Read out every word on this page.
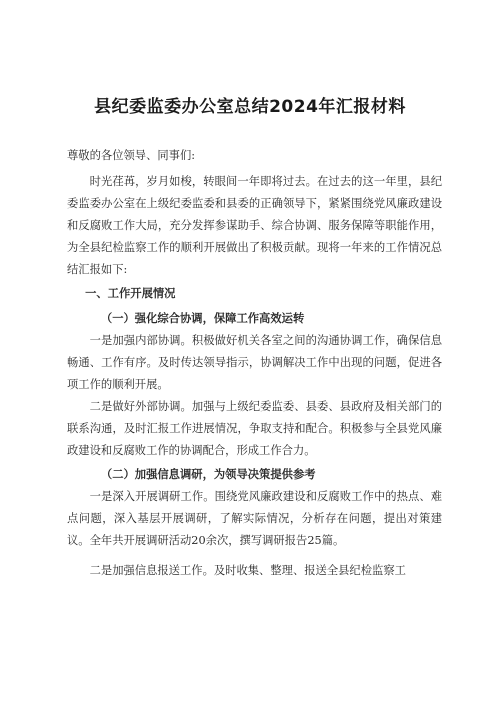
县纪委监委办公室总结2024年汇报材料

尊敬的各位领导、同事们:

时光荏苒，岁月如梭，转眼间一年即将过去。在过去的这一年里，县纪委监委办公室在上级纪委监委和县委的正确领导下，紧紧围绕党风廉政建设和反腐败工作大局，充分发挥参谋助手、综合协调、服务保障等职能作用，为全县纪检监察工作的顺利开展做出了积极贡献。现将一年来的工作情况总结汇报如下:

一、工作开展情况

（一）强化综合协调，保障工作高效运转

一是加强内部协调。积极做好机关各室之间的沟通协调工作，确保信息畅通、工作有序。及时传达领导指示，协调解决工作中出现的问题，促进各项工作的顺利开展。

二是做好外部协调。加强与上级纪委监委、县委、县政府及相关部门的联系沟通，及时汇报工作进展情况，争取支持和配合。积极参与全县党风廉政建设和反腐败工作的协调配合，形成工作合力。

（二）加强信息调研，为领导决策提供参考

一是深入开展调研工作。围绕党风廉政建设和反腐败工作中的热点、难点问题，深入基层开展调研，了解实际情况，分析存在问题，提出对策建议。全年共开展调研活动20余次，撰写调研报告25篇。

二是加强信息报送工作。及时收集、整理、报送全县纪检监察工
